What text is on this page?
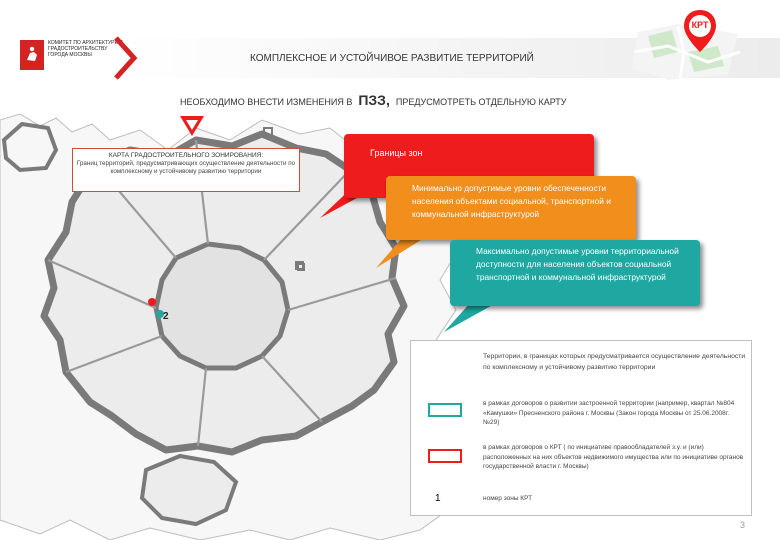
КОМИТЕТ ПО АРХИТЕКТУРЕ И ГРАДОСТРОИТЕЛЬСТВУ ГОРОДА МОСКВЫ	КОМПЛЕКСНОЕ И УСТОЙЧИВОЕ РАЗВИТИЕ ТЕРРИТОРИЙ
КРТ
НЕОБХОДИМО ВНЕСТИ ИЗМЕНЕНИЯ В ПЗЗ, ПРЕДУСМОТРЕТЬ ОТДЕЛЬНУЮ КАРТУ
2
КАРТА ГРАДОСТРОИТЕЛЬНОГО ЗОНИРОВАНИЯ:
Границ территорий, предусматривающих осуществление деятельности по комплексному и устойчивому развитию территории
Границы зон
Минимально допустимые уровни обеспеченности населения объектами социальной, транспортной и коммунальной инфраструктурой
Максимально допустимые уровни территориальной доступности для населения объектов социальной транспортной и коммунальной инфраструктурой
Территории, в границах которых предусматривается осуществление деятельности по комплексному и устойчивому развитию территории
в рамках договоров о развитии застроенной территории (например, квартал №804 «Камушки» Пресненского района г. Москвы (Закон города Москвы от 25.06.2008г. №29)
в рамках договоров о КРТ ( по инициативе правообладателей з.у. и (или) расположенных на них объектов недвижимого имущества или по инициативе органов государственной власти г. Москвы)
1	номер зоны КРТ
3
